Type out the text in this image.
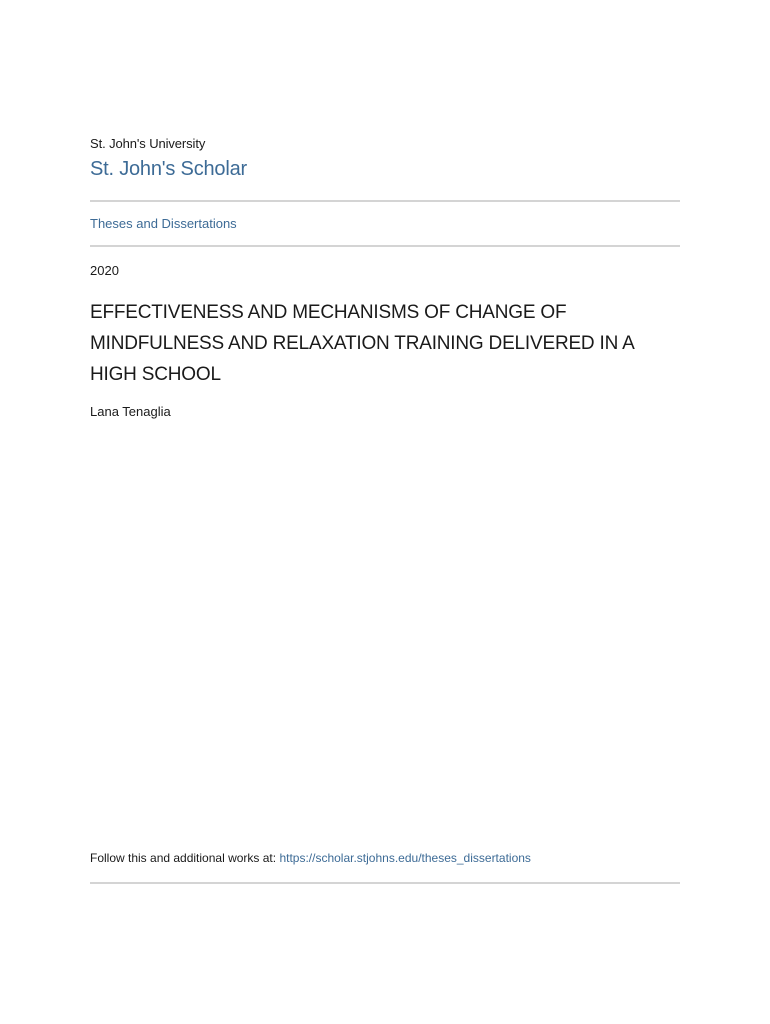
St. John's University
St. John's Scholar
Theses and Dissertations
2020
EFFECTIVENESS AND MECHANISMS OF CHANGE OF MINDFULNESS AND RELAXATION TRAINING DELIVERED IN A HIGH SCHOOL
Lana Tenaglia
Follow this and additional works at: https://scholar.stjohns.edu/theses_dissertations
